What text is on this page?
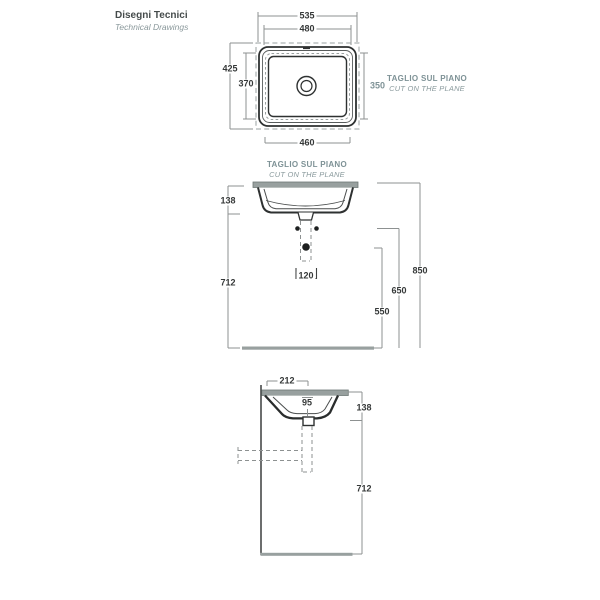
Disegni Tecnici
Technical Drawings
535
480
425
370	350
460
TAGLIO SUL PIANO
CUT ON THE PLANE
TAGLIO SUL PIANO
CUT ON THE PLANE
138
712
120
550
650
850
212
95	138
712
